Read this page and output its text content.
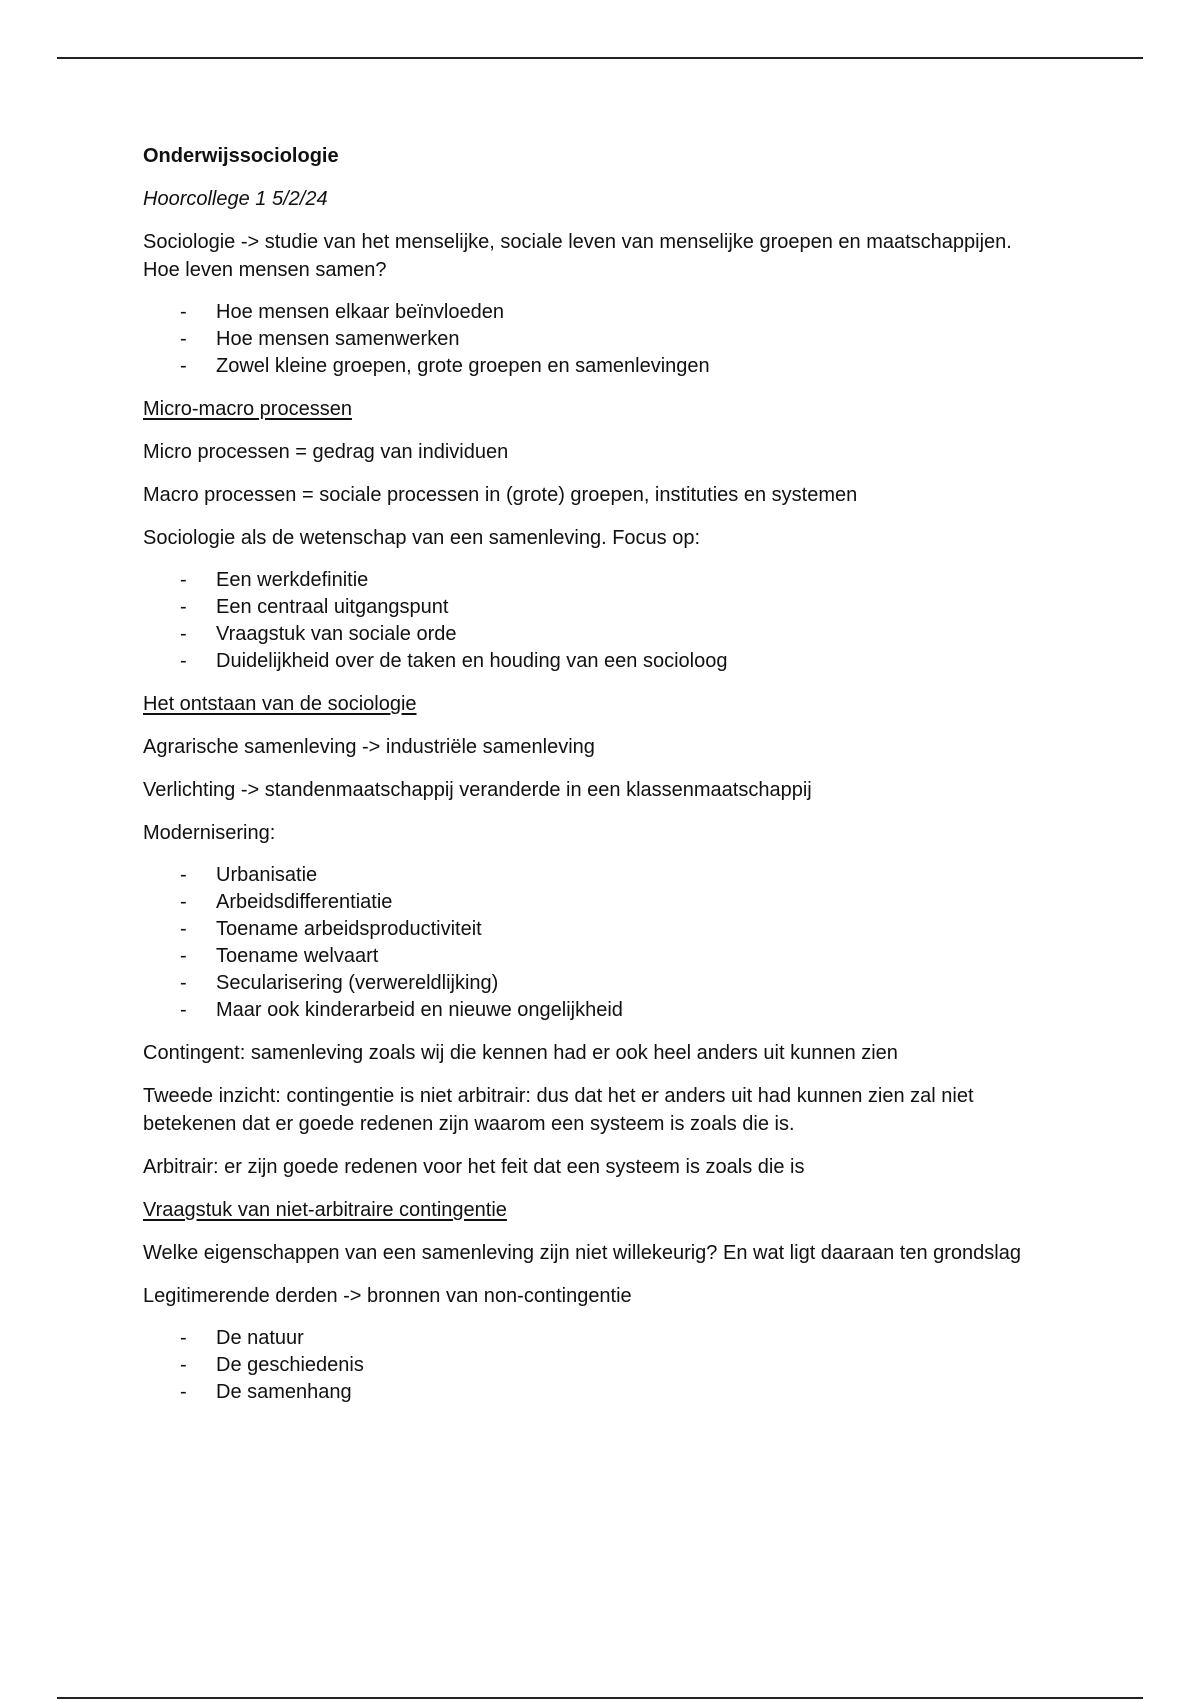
Onderwijssociologie

Hoorcollege 1 5/2/24

Sociologie -> studie van het menselijke, sociale leven van menselijke groepen en maatschappijen. Hoe leven mensen samen?

- Hoe mensen elkaar beïnvloeden
- Hoe mensen samenwerken
- Zowel kleine groepen, grote groepen en samenlevingen

Micro-macro processen

Micro processen = gedrag van individuen

Macro processen = sociale processen in (grote) groepen, instituties en systemen

Sociologie als de wetenschap van een samenleving. Focus op:

- Een werkdefinitie
- Een centraal uitgangspunt
- Vraagstuk van sociale orde
- Duidelijkheid over de taken en houding van een socioloog

Het ontstaan van de sociologie

Agrarische samenleving -> industriële samenleving

Verlichting -> standenmaatschappij veranderde in een klassenmaatschappij

Modernisering:

- Urbanisatie
- Arbeidsdifferentiatie
- Toename arbeidsproductiviteit
- Toename welvaart
- Secularisering (verwereldlijking)
- Maar ook kinderarbeid en nieuwe ongelijkheid

Contingent: samenleving zoals wij die kennen had er ook heel anders uit kunnen zien

Tweede inzicht: contingentie is niet arbitrair: dus dat het er anders uit had kunnen zien zal niet betekenen dat er goede redenen zijn waarom een systeem is zoals die is.

Arbitrair: er zijn goede redenen voor het feit dat een systeem is zoals die is

Vraagstuk van niet-arbitraire contingentie

Welke eigenschappen van een samenleving zijn niet willekeurig? En wat ligt daaraan ten grondslag

Legitimerende derden -> bronnen van non-contingentie

- De natuur
- De geschiedenis
- De samenhang
